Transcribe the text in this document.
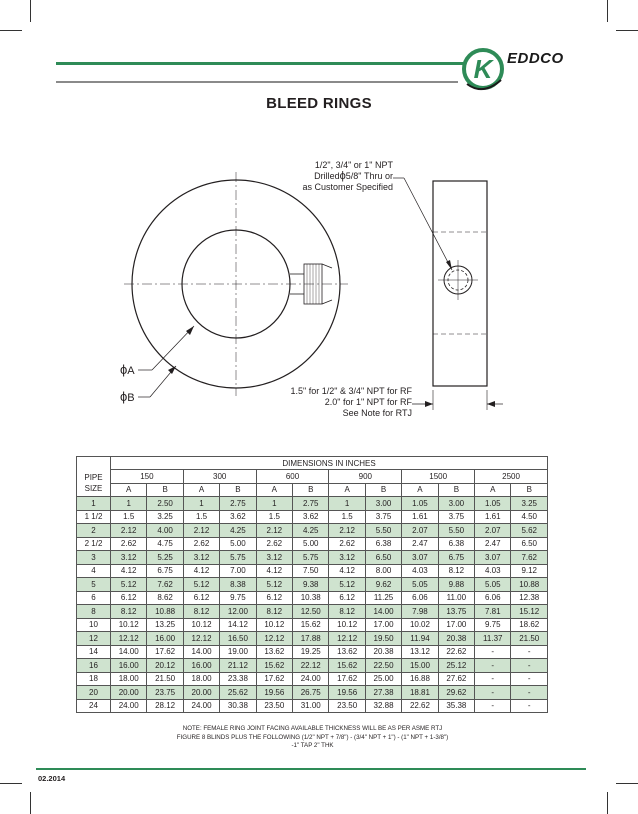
K EDDCO
BLEED RINGS
1/2", 3/4" or 1" NPT
Drilledϕ5/8" Thru or
as Customer Specified
ϕA
ϕB
1.5" for 1/2" & 3/4" NPT for RF
2.0" for 1" NPT for RF
See Note for RTJ
	DIMENSIONS IN INCHES											

PIPE
SIZE	150		300		600		900		1500		2500	
	A	B	A	B	A	B	A	B	A	B	A	B
1	1	2.50	1	2.75	1	2.75	1	3.00	1.05	3.00	1.05	3.25
1 1/2	1.5	3.25	1.5	3.62	1.5	3.62	1.5	3.75	1.61	3.75	1.61	4.50
2	2.12	4.00	2.12	4.25	2.12	4.25	2.12	5.50	2.07	5.50	2.07	5.62
2 1/2	2.62	4.75	2.62	5.00	2.62	5.00	2.62	6.38	2.47	6.38	2.47	6.50
3	3.12	5.25	3.12	5.75	3.12	5.75	3.12	6.50	3.07	6.75	3.07	7.62
4	4.12	6.75	4.12	7.00	4.12	7.50	4.12	8.00	4.03	8.12	4.03	9.12
5	5.12	7.62	5.12	8.38	5.12	9.38	5.12	9.62	5.05	9.88	5.05	10.88
6	6.12	8.62	6.12	9.75	6.12	10.38	6.12	11.25	6.06	11.00	6.06	12.38
8	8.12	10.88	8.12	12.00	8.12	12.50	8.12	14.00	7.98	13.75	7.81	15.12
10	10.12	13.25	10.12	14.12	10.12	15.62	10.12	17.00	10.02	17.00	9.75	18.62
12	12.12	16.00	12.12	16.50	12.12	17.88	12.12	19.50	11.94	20.38	11.37	21.50
14	14.00	17.62	14.00	19.00	13.62	19.25	13.62	20.38	13.12	22.62	-	-
16	16.00	20.12	16.00	21.12	15.62	22.12	15.62	22.50	15.00	25.12	-	-
18	18.00	21.50	18.00	23.38	17.62	24.00	17.62	25.00	16.88	27.62	-	-
20	20.00	23.75	20.00	25.62	19.56	26.75	19.56	27.38	18.81	29.62	-	-
24	24.00	28.12	24.00	30.38	23.50	31.00	23.50	32.88	22.62	35.38	-	-
NOTE: FEMALE RING JOINT FACING AVAILABLE THICKNESS WILL BE AS PER ASME RTJ
FIGURE 8 BLINDS PLUS THE FOLLOWING (1/2" NPT + 7/8") - (3/4" NPT + 1") - (1" NPT + 1-3/8")
-1" TAP 2" THK
02.2014
